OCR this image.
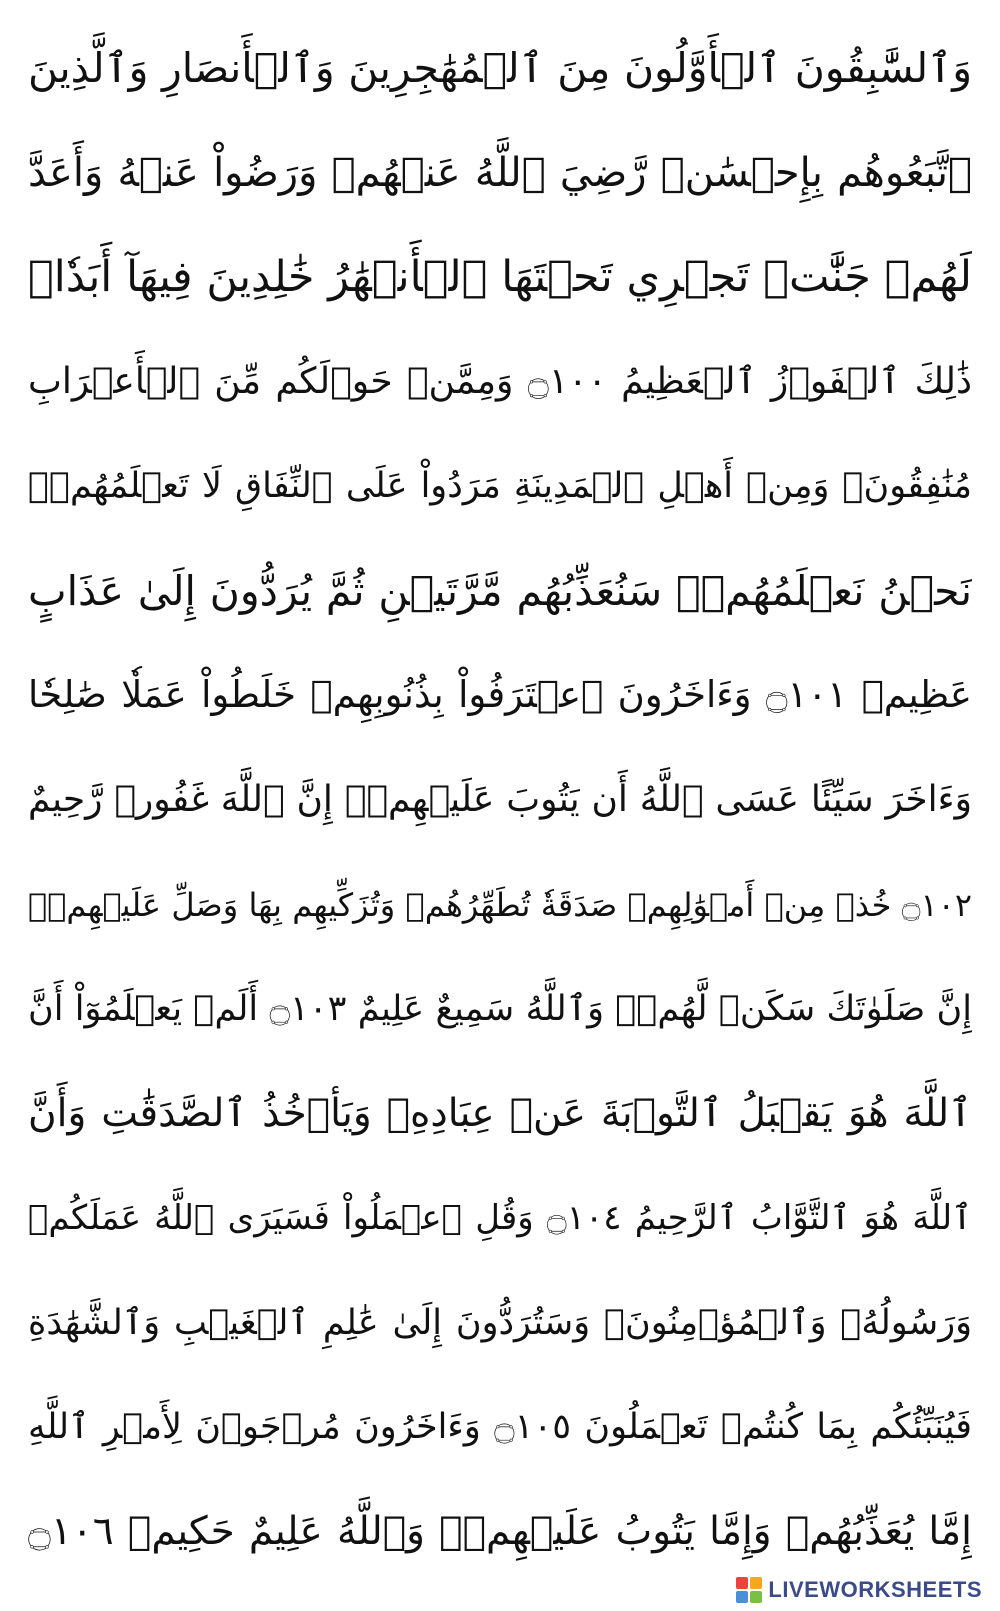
وَٱلسَّٰبِقُونَ ٱلۡأَوَّلُونَ مِنَ ٱلۡمُهَٰجِرِينَ وَٱلۡأَنصَارِ وَٱلَّذِينَ
ٱتَّبَعُوهُم بِإِحۡسَٰنٖ رَّضِيَ ٱللَّهُ عَنۡهُمۡ وَرَضُواْ عَنۡهُ وَأَعَدَّ
لَهُمۡ جَنَّٰتٖ تَجۡرِي تَحۡتَهَا ٱلۡأَنۡهَٰرُ خَٰلِدِينَ فِيهَآ أَبَدٗاۚ
ذَٰلِكَ ٱلۡفَوۡزُ ٱلۡعَظِيمُ ۝١٠٠ وَمِمَّنۡ حَوۡلَكُم مِّنَ ٱلۡأَعۡرَابِ
مُنَٰفِقُونَۖ وَمِنۡ أَهۡلِ ٱلۡمَدِينَةِ مَرَدُواْ عَلَى ٱلنِّفَاقِ لَا تَعۡلَمُهُمۡۖ
نَحۡنُ نَعۡلَمُهُمۡۚ سَنُعَذِّبُهُم مَّرَّتَيۡنِ ثُمَّ يُرَدُّونَ إِلَىٰ عَذَابٍ
عَظِيمٖ ۝١٠١ وَءَاخَرُونَ ٱعۡتَرَفُواْ بِذُنُوبِهِمۡ خَلَطُواْ عَمَلٗا صَٰلِحٗا
وَءَاخَرَ سَيِّئًا عَسَى ٱللَّهُ أَن يَتُوبَ عَلَيۡهِمۡۚ إِنَّ ٱللَّهَ غَفُورٞ رَّحِيمٌ
۝١٠٢ خُذۡ مِنۡ أَمۡوَٰلِهِمۡ صَدَقَةٗ تُطَهِّرُهُمۡ وَتُزَكِّيهِم بِهَا وَصَلِّ عَلَيۡهِمۡۖ
إِنَّ صَلَوٰتَكَ سَكَنٞ لَّهُمۡۗ وَٱللَّهُ سَمِيعٌ عَلِيمٌ ۝١٠٣ أَلَمۡ يَعۡلَمُوٓاْ أَنَّ
ٱللَّهَ هُوَ يَقۡبَلُ ٱلتَّوۡبَةَ عَنۡ عِبَادِهِۦ وَيَأۡخُذُ ٱلصَّدَقَٰتِ وَأَنَّ
ٱللَّهَ هُوَ ٱلتَّوَّابُ ٱلرَّحِيمُ ۝١٠٤ وَقُلِ ٱعۡمَلُواْ فَسَيَرَى ٱللَّهُ عَمَلَكُمۡ
وَرَسُولُهُۥ وَٱلۡمُؤۡمِنُونَۖ وَسَتُرَدُّونَ إِلَىٰ عَٰلِمِ ٱلۡغَيۡبِ وَٱلشَّهَٰدَةِ
فَيُنَبِّئُكُم بِمَا كُنتُمۡ تَعۡمَلُونَ ۝١٠٥ وَءَاخَرُونَ مُرۡجَوۡنَ لِأَمۡرِ ٱللَّهِ
إِمَّا يُعَذِّبُهُمۡ وَإِمَّا يَتُوبُ عَلَيۡهِمۡۗ وَٱللَّهُ عَلِيمٌ حَكِيمٞ ۝١٠٦
LIVEWORKSHEETS
